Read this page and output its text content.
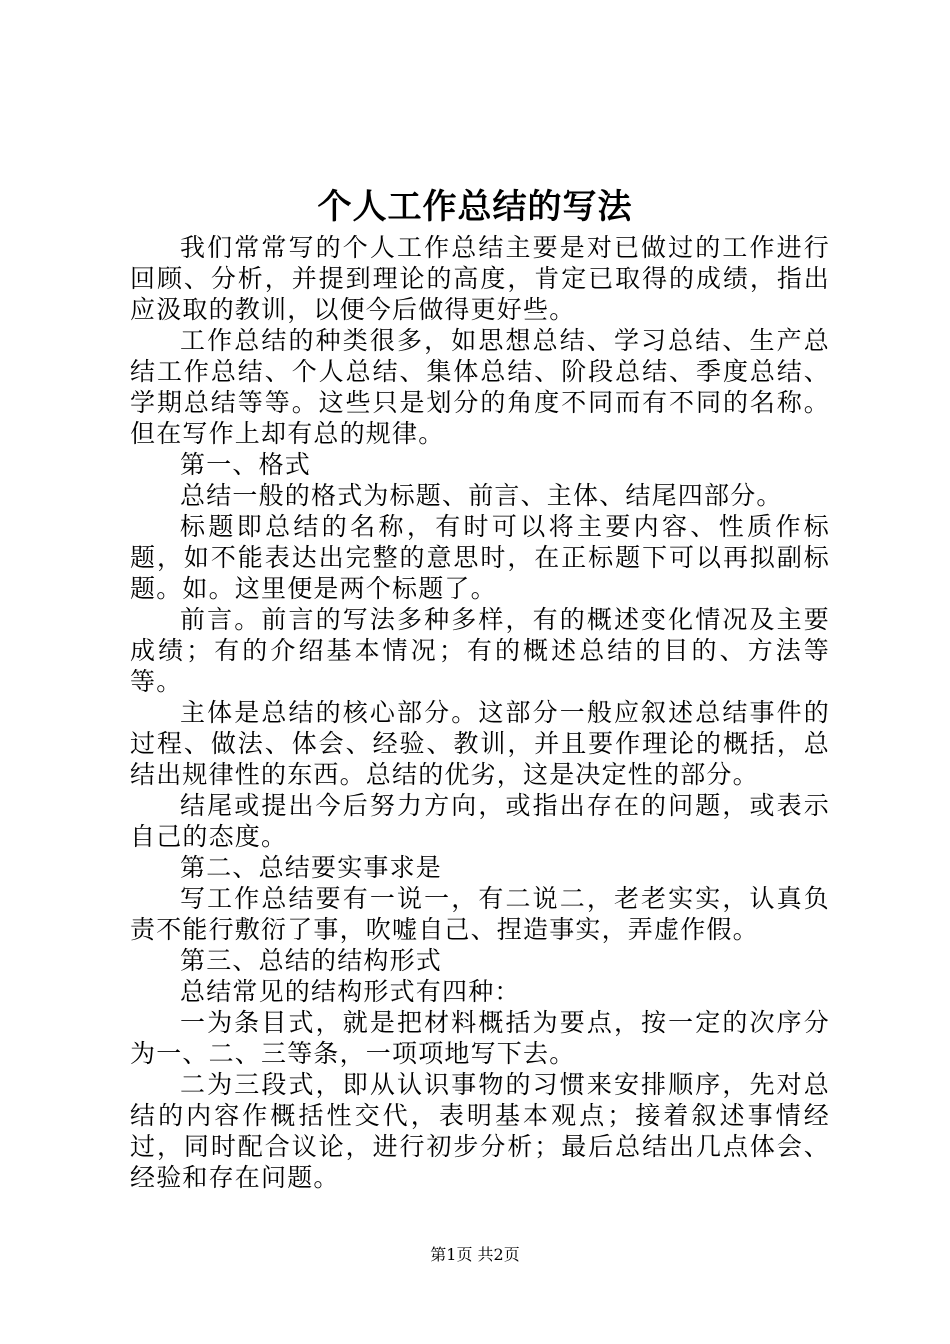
个人工作总结的写法

我们常常写的个人工作总结主要是对已做过的工作进行回顾、分析，并提到理论的高度，肯定已取得的成绩，指出应汲取的教训，以便今后做得更好些。

工作总结的种类很多，如思想总结、学习总结、生产总结工作总结、个人总结、集体总结、阶段总结、季度总结、学期总结等等。这些只是划分的角度不同而有不同的名称。但在写作上却有总的规律。

第一、格式

总结一般的格式为标题、前言、主体、结尾四部分。

标题即总结的名称，有时可以将主要内容、性质作标题，如不能表达出完整的意思时，在正标题下可以再拟副标题。如。这里便是两个标题了。

前言。前言的写法多种多样，有的概述变化情况及主要成绩；有的介绍基本情况；有的概述总结的目的、方法等等。

主体是总结的核心部分。这部分一般应叙述总结事件的过程、做法、体会、经验、教训，并且要作理论的概括，总结出规律性的东西。总结的优劣，这是决定性的部分。

结尾或提出今后努力方向，或指出存在的问题，或表示自己的态度。

第二、总结要实事求是

写工作总结要有一说一，有二说二，老老实实，认真负责不能行敷衍了事，吹嘘自己、捏造事实，弄虚作假。

第三、总结的结构形式

总结常见的结构形式有四种：

一为条目式，就是把材料概括为要点，按一定的次序分为一、二、三等条，一项项地写下去。

二为三段式，即从认识事物的习惯来安排顺序，先对总结的内容作概括性交代，表明基本观点；接着叙述事情经过，同时配合议论，进行初步分析；最后总结出几点体会、经验和存在问题。

第1页 共2页
